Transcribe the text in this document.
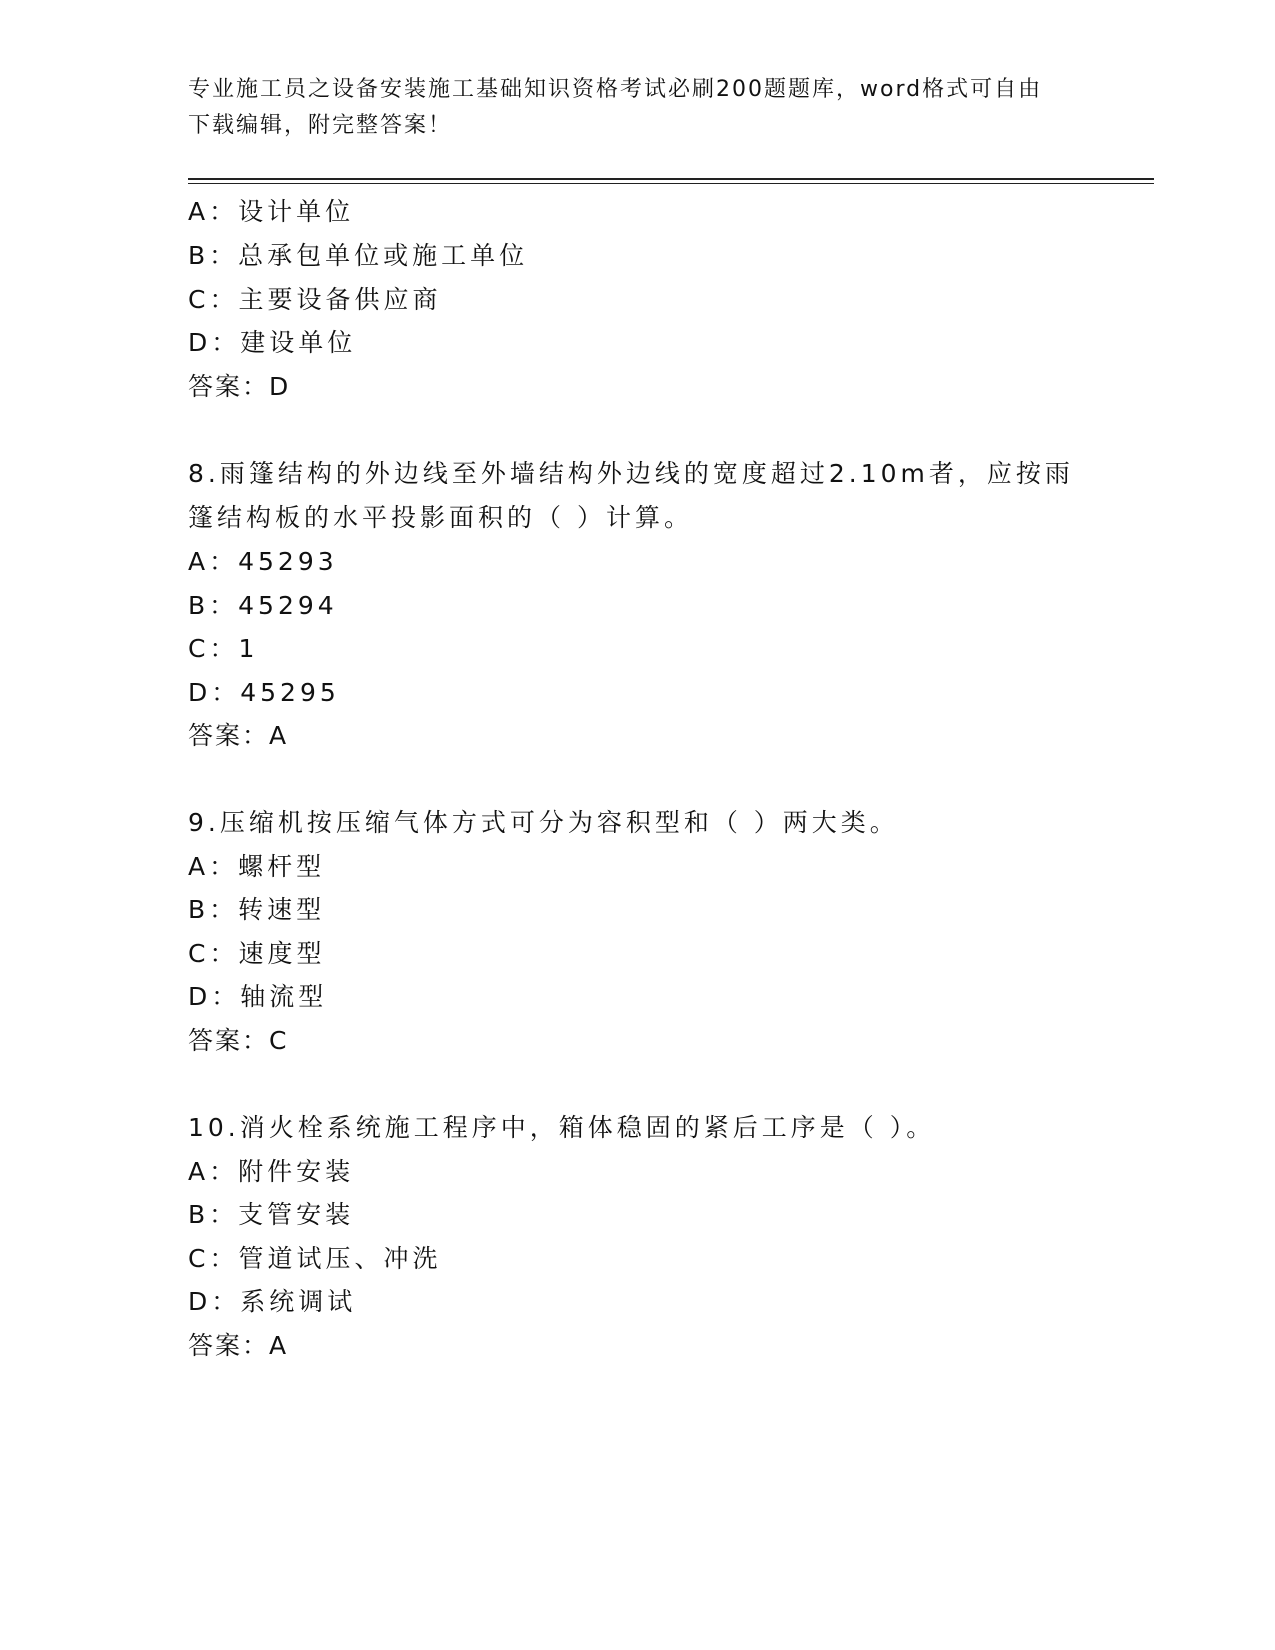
专业施工员之设备安装施工基础知识资格考试必刷200题题库，word格式可自由
下载编辑，附完整答案！
A：设计单位
B：总承包单位或施工单位
C：主要设备供应商
D：建设单位
答案：D
8.雨篷结构的外边线至外墙结构外边线的宽度超过2.10m者，应按雨
篷结构板的水平投影面积的（ ）计算。
A：45293
B：45294
C：1
D：45295
答案：A
9.压缩机按压缩气体方式可分为容积型和（ ）两大类。
A：螺杆型
B：转速型
C：速度型
D：轴流型
答案：C
10.消火栓系统施工程序中，箱体稳固的紧后工序是（ ）。
A：附件安装
B：支管安装
C：管道试压、冲洗
D：系统调试
答案：A
